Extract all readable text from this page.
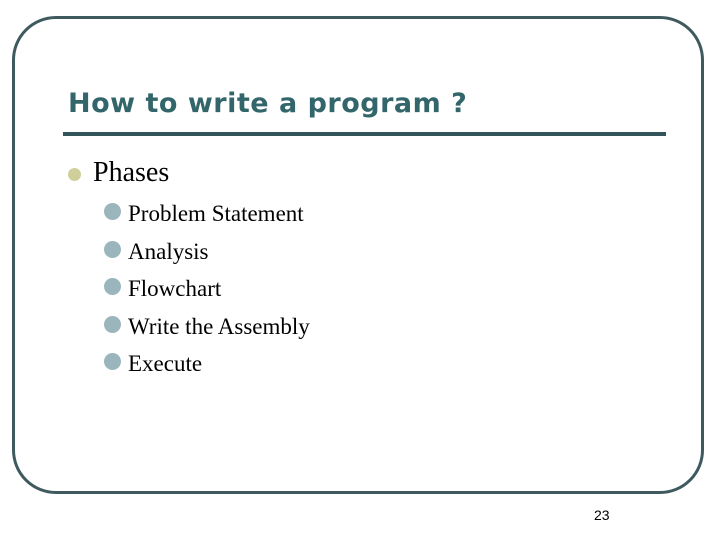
How to write a program ?
Phases
Problem Statement
Analysis
Flowchart
Write the Assembly
Execute
23
